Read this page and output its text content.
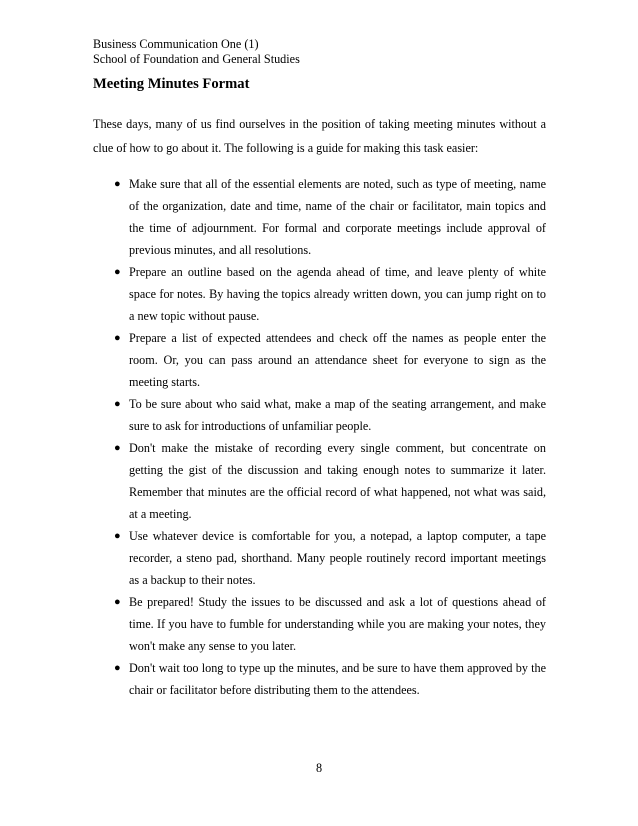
Business Communication One (1)
School of Foundation and General Studies
Meeting Minutes Format
These days, many of us find ourselves in the position of taking meeting minutes without a clue of how to go about it. The following is a guide for making this task easier:
● Make sure that all of the essential elements are noted, such as type of meeting, name of the organization, date and time, name of the chair or facilitator, main topics and the time of adjournment. For formal and corporate meetings include approval of previous minutes, and all resolutions.
● Prepare an outline based on the agenda ahead of time, and leave plenty of white space for notes. By having the topics already written down, you can jump right on to a new topic without pause.
● Prepare a list of expected attendees and check off the names as people enter the room. Or, you can pass around an attendance sheet for everyone to sign as the meeting starts.
● To be sure about who said what, make a map of the seating arrangement, and make sure to ask for introductions of unfamiliar people.
● Don't make the mistake of recording every single comment, but concentrate on getting the gist of the discussion and taking enough notes to summarize it later. Remember that minutes are the official record of what happened, not what was said, at a meeting.
● Use whatever device is comfortable for you, a notepad, a laptop computer, a tape recorder, a steno pad, shorthand. Many people routinely record important meetings as a backup to their notes.
● Be prepared! Study the issues to be discussed and ask a lot of questions ahead of time. If you have to fumble for understanding while you are making your notes, they won't make any sense to you later.
● Don't wait too long to type up the minutes, and be sure to have them approved by the chair or facilitator before distributing them to the attendees.
8
